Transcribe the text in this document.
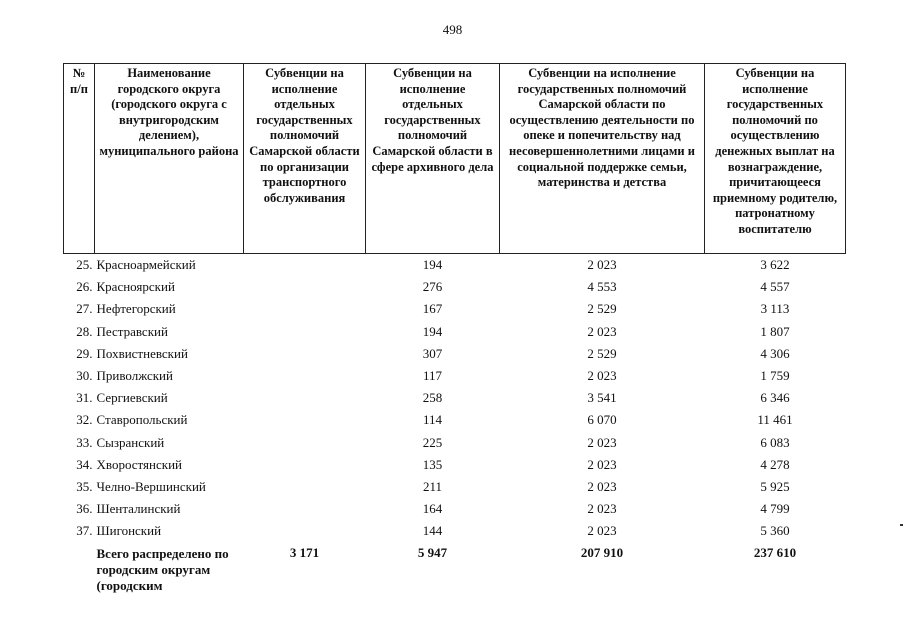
498
№ п/п	Наименование городского округа (городского округа с внутригородским делением), муниципального района	Субвенции на исполнение отдельных государственных полномочий Самарской области по организации транспортного обслуживания	Субвенции на исполнение отдельных государственных полномочий Самарской области в сфере архивного дела	Субвенции на исполнение государственных полномочий Самарской области по осуществлению деятельности по опеке и попечительству над несовершеннолетними лицами и социальной поддержке семьи, материнства и детства	Субвенции на исполнение государственных полномочий по осуществлению денежных выплат на вознаграждение, причитающееся приемному родителю, патронатному воспитателю
25.	Красноармейский		194	2 023	3 622
26.	Красноярский		276	4 553	4 557
27.	Нефтегорский		167	2 529	3 113
28.	Пестравский		194	2 023	1 807
29.	Похвистневский		307	2 529	4 306
30.	Приволжский		117	2 023	1 759
31.	Сергиевский		258	3 541	6 346
32.	Ставропольский		114	6 070	11 461
33.	Сызранский		225	2 023	6 083
34.	Хворостянский		135	2 023	4 278
35.	Челно-Вершинский		211	2 023	5 925
36.	Шенталинский		164	2 023	4 799
37.	Шигонский		144	2 023	5 360
	Всего распределено по городским округам (городским	3 171	5 947	207 910	237 610
